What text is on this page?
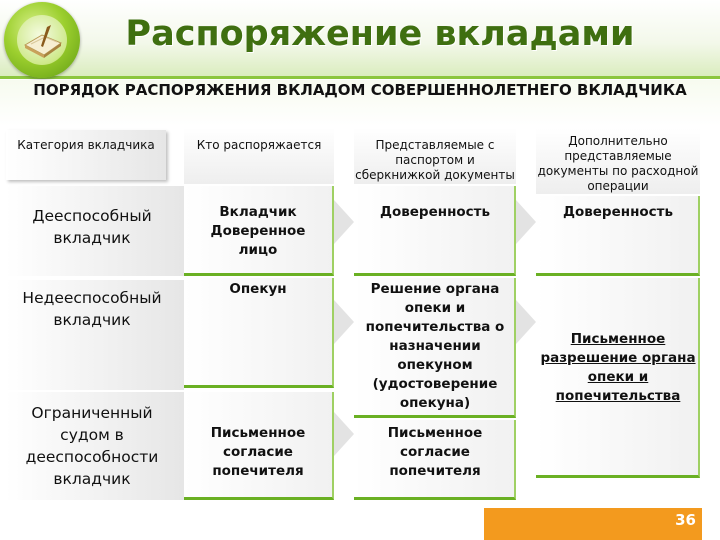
Распоряжение вкладами
ПОРЯДОК РАСПОРЯЖЕНИЯ ВКЛАДОМ СОВЕРШЕННОЛЕТНЕГО ВКЛАДЧИКА
Категория вкладчика
Дееспособный вкладчик
Недееспособный вкладчик
Ограниченный судом в дееспособности вкладчик
Кто распоряжается
Вкладчик Доверенное лицо
Опекун
Письменное согласие попечителя
Представляемые с паспортом и сберкнижкой документы
Доверенность
Решение органа опеки и попечительства о назначении опекуном (удостоверение опекуна)
Письменное согласие попечителя
Дополнительно представляемые документы по расходной операции
Доверенность
Письменное разрешение органа опеки и попечительства
36
